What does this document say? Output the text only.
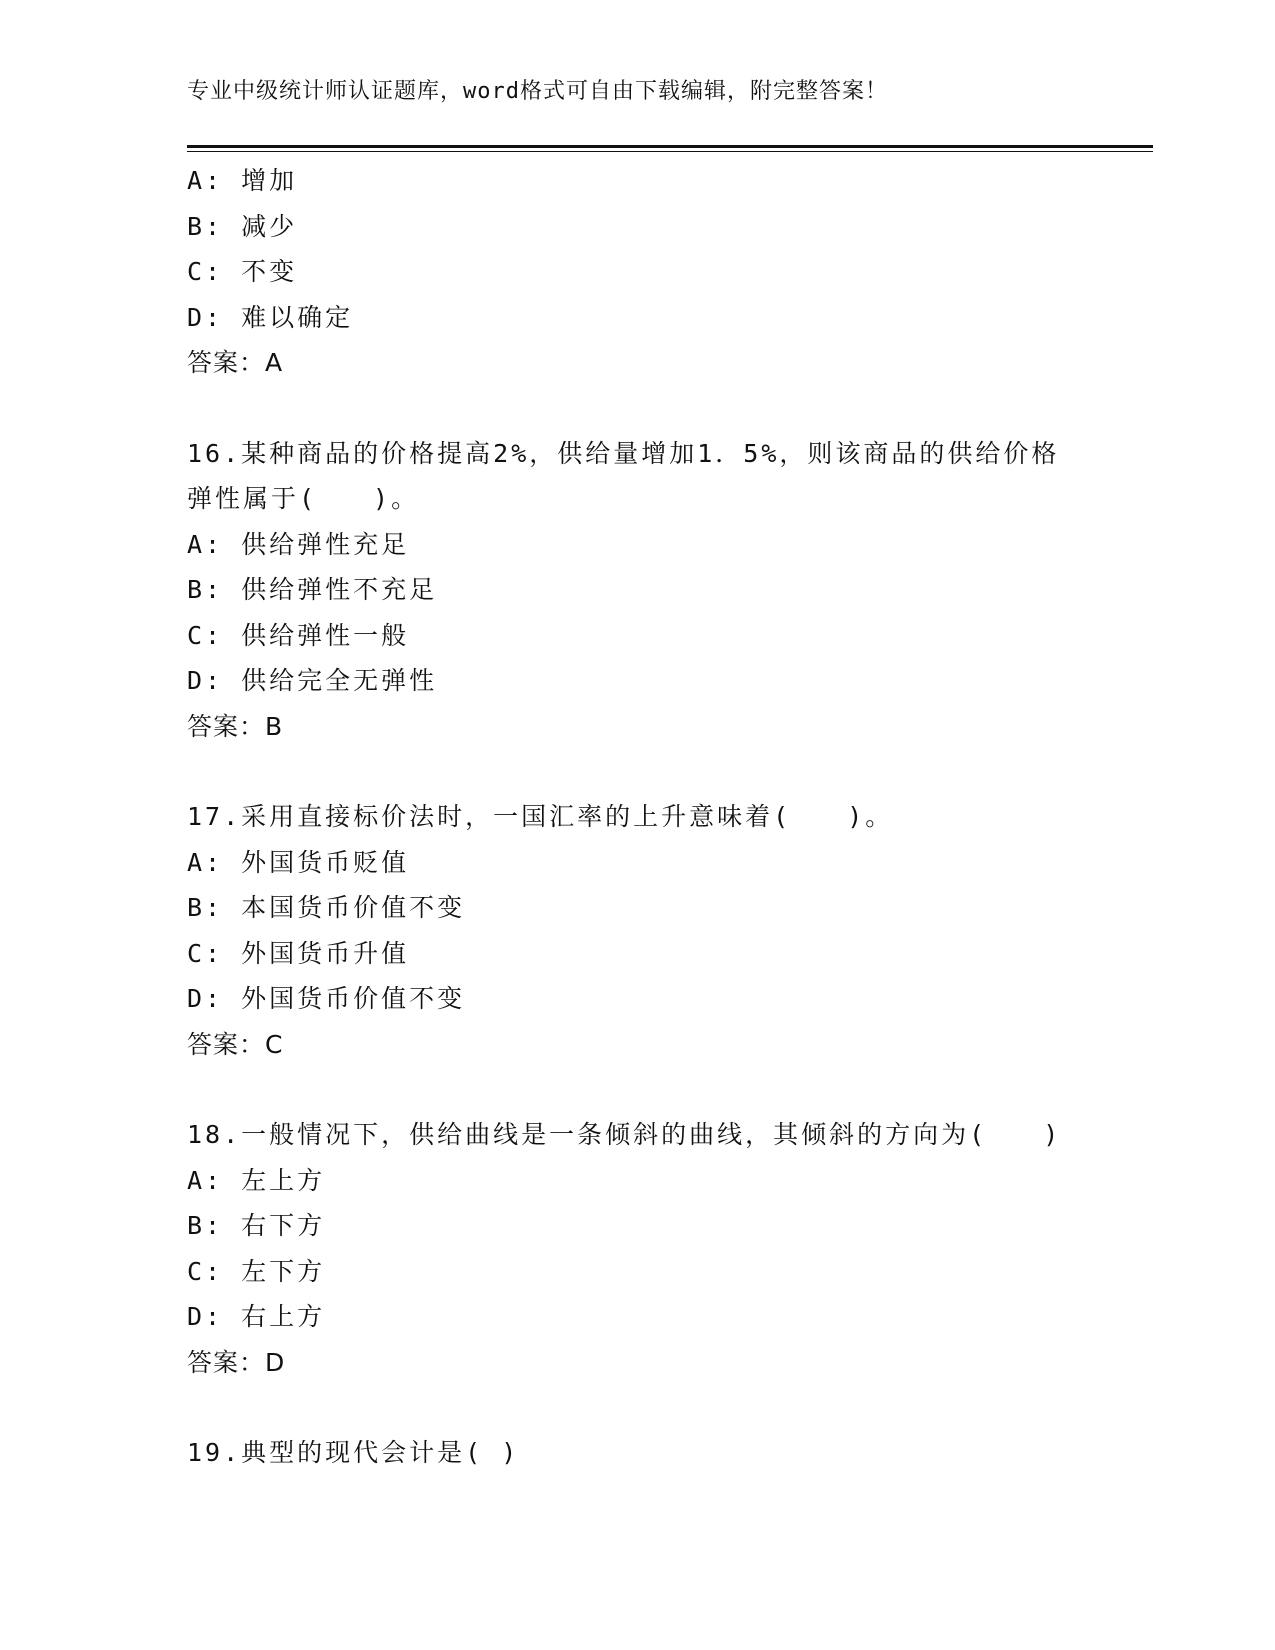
专业中级统计师认证题库，word格式可自由下载编辑，附完整答案！
A: 增加
B: 减少
C: 不变
D: 难以确定
答案：A
16.某种商品的价格提高2%，供给量增加1．5%，则该商品的供给价格
弹性属于(　　)。
A: 供给弹性充足
B: 供给弹性不充足
C: 供给弹性一般
D: 供给完全无弹性
答案：B
17.采用直接标价法时，一国汇率的上升意味着(　　)。
A: 外国货币贬值
B: 本国货币价值不变
C: 外国货币升值
D: 外国货币价值不变
答案：C
18.一般情况下，供给曲线是一条倾斜的曲线，其倾斜的方向为(　　)
A: 左上方
B: 右下方
C: 左下方
D: 右上方
答案：D
19.典型的现代会计是( )
